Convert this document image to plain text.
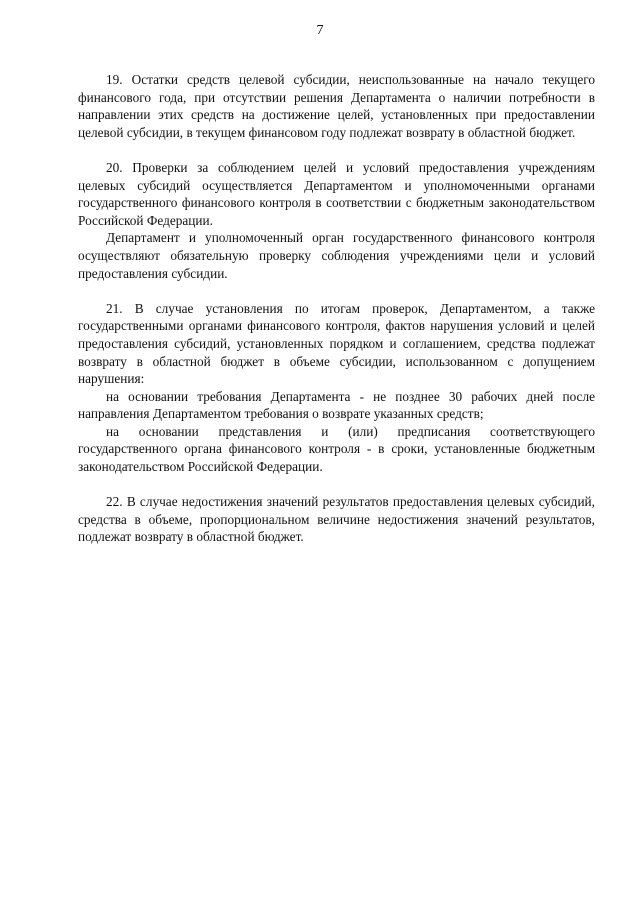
7

19. Остатки средств целевой субсидии, неиспользованные на начало текущего финансового года, при отсутствии решения Департамента о наличии потребности в направлении этих средств на достижение целей, установленных при предоставлении целевой субсидии, в текущем финансовом году подлежат возврату в областной бюджет.

20. Проверки за соблюдением целей и условий предоставления учреждениям целевых субсидий осуществляется Департаментом и уполномоченными органами государственного финансового контроля в соответствии с бюджетным законодательством Российской Федерации.

Департамент и уполномоченный орган государственного финансового контроля осуществляют обязательную проверку соблюдения учреждениями цели и условий предоставления субсидии.

21. В случае установления по итогам проверок, Департаментом, а также государственными органами финансового контроля, фактов нарушения условий и целей предоставления субсидий, установленных порядком и соглашением, средства подлежат возврату в областной бюджет в объеме субсидии, использованном с допущением нарушения:

на основании требования Департамента - не позднее 30 рабочих дней после направления Департаментом требования о возврате указанных средств;

на основании представления и (или) предписания соответствующего государственного органа финансового контроля - в сроки, установленные бюджетным законодательством Российской Федерации.

22. В случае недостижения значений результатов предоставления целевых субсидий, средства в объеме, пропорциональном величине недостижения значений результатов, подлежат возврату в областной бюджет.
